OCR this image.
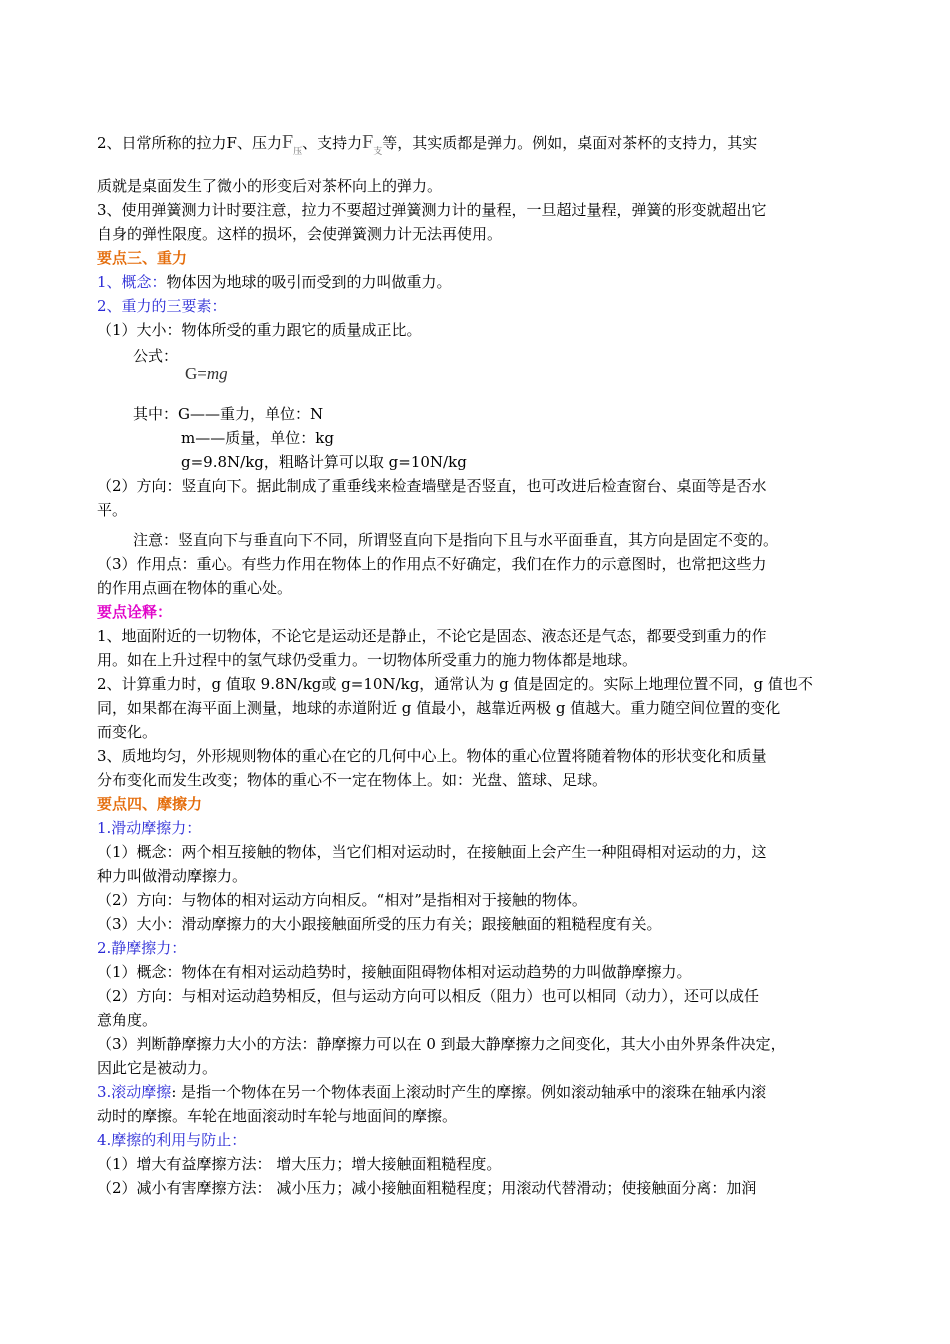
2、日常所称的拉力F、压力$F_压$、支持力$F_支$等，其实质都是弹力。例如，桌面对茶杯的支持力，其实

质就是桌面发生了微小的形变后对茶杯向上的弹力。

3、使用弹簧测力计时要注意，拉力不要超过弹簧测力计的量程，一旦超过量程，弹簧的形变就超出它

自身的弹性限度。这样的损坏，会使弹簧测力计无法再使用。

要点三、重力

1、概念：物体因为地球的吸引而受到的力叫做重力。

2、重力的三要素：

（1）大小：物体所受的重力跟它的质量成正比。

公式：

G=mg

其中：G——重力，单位：N

m——质量，单位：kg

g=9.8N/kg，粗略计算可以取 g=10N/kg

（2）方向：竖直向下。据此制成了重垂线来检查墙壁是否竖直，也可改进后检查窗台、桌面等是否水

平。

注意：竖直向下与垂直向下不同，所谓竖直向下是指向下且与水平面垂直，其方向是固定不变的。

（3）作用点：重心。有些力作用在物体上的作用点不好确定，我们在作力的示意图时，也常把这些力

的作用点画在物体的重心处。

要点诠释：

1、地面附近的一切物体，不论它是运动还是静止，不论它是固态、液态还是气态，都要受到重力的作

用。如在上升过程中的氢气球仍受重力。一切物体所受重力的施力物体都是地球。

2、计算重力时，g 值取 9.8N/kg或 g=10N/kg，通常认为 g 值是固定的。实际上地理位置不同，g 值也不

同，如果都在海平面上测量，地球的赤道附近 g 值最小，越靠近两极 g 值越大。重力随空间位置的变化

而变化。

3、质地均匀，外形规则物体的重心在它的几何中心上。物体的重心位置将随着物体的形状变化和质量

分布变化而发生改变；物体的重心不一定在物体上。如：光盘、篮球、足球。

要点四、摩擦力

1.滑动摩擦力：

（1）概念：两个相互接触的物体，当它们相对运动时，在接触面上会产生一种阻碍相对运动的力，这

种力叫做滑动摩擦力。

（2）方向：与物体的相对运动方向相反。“相对”是指相对于接触的物体。

（3）大小：滑动摩擦力的大小跟接触面所受的压力有关；跟接触面的粗糙程度有关。

2.静摩擦力：

（1）概念：物体在有相对运动趋势时，接触面阻碍物体相对运动趋势的力叫做静摩擦力。

（2）方向：与相对运动趋势相反，但与运动方向可以相反（阻力）也可以相同（动力），还可以成任

意角度。

（3）判断静摩擦力大小的方法：静摩擦力可以在 0 到最大静摩擦力之间变化，其大小由外界条件决定，

因此它是被动力。

3.滚动摩擦: 是指一个物体在另一个物体表面上滚动时产生的摩擦。例如滚动轴承中的滚珠在轴承内滚

动时的摩擦。车轮在地面滚动时车轮与地面间的摩擦。

4.摩擦的利用与防止：

（1）增大有益摩擦方法： 增大压力；增大接触面粗糙程度。

（2）减小有害摩擦方法： 减小压力；减小接触面粗糙程度；用滚动代替滑动；使接触面分离：加润
